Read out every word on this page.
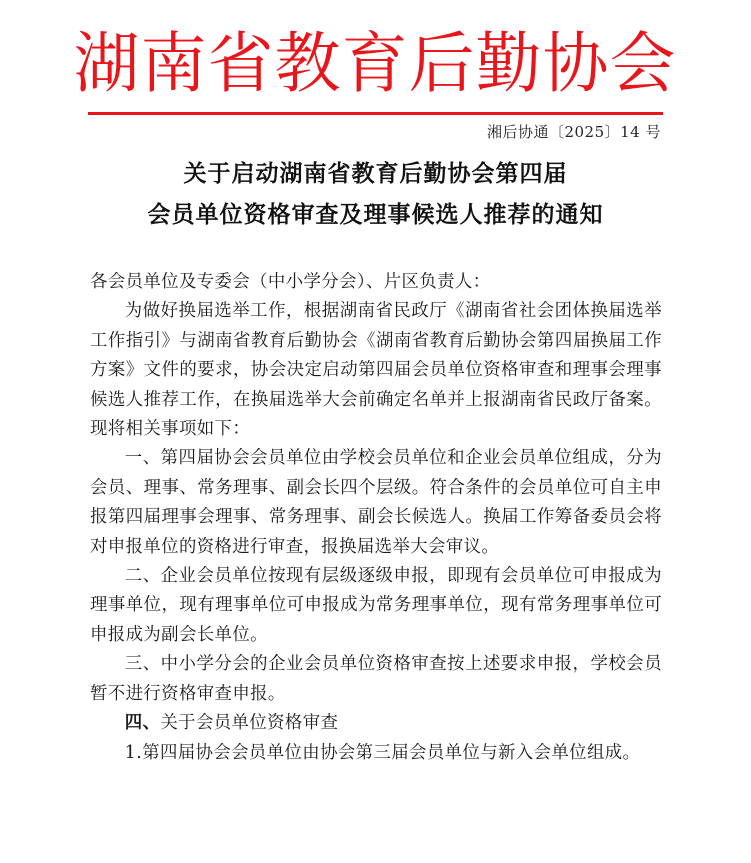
湖南省教育后勤协会
湘后协通〔2025〕14 号
关于启动湖南省教育后勤协会第四届
会员单位资格审查及理事候选人推荐的通知

各会员单位及专委会（中小学分会）、片区负责人：

为做好换届选举工作，根据湖南省民政厅《湖南省社会团体换届选举工作指引》与湖南省教育后勤协会《湖南省教育后勤协会第四届换届工作方案》文件的要求，协会决定启动第四届会员单位资格审查和理事会理事候选人推荐工作，在换届选举大会前确定名单并上报湖南省民政厅备案。现将相关事项如下：

一、第四届协会会员单位由学校会员单位和企业会员单位组成，分为会员、理事、常务理事、副会长四个层级。符合条件的会员单位可自主申报第四届理事会理事、常务理事、副会长候选人。换届工作筹备委员会将对申报单位的资格进行审查，报换届选举大会审议。

二、企业会员单位按现有层级逐级申报，即现有会员单位可申报成为理事单位，现有理事单位可申报成为常务理事单位，现有常务理事单位可申报成为副会长单位。

三、中小学分会的企业会员单位资格审查按上述要求申报，学校会员暂不进行资格审查申报。

四、关于会员单位资格审查

1.第四届协会会员单位由协会第三届会员单位与新入会单位组成。
